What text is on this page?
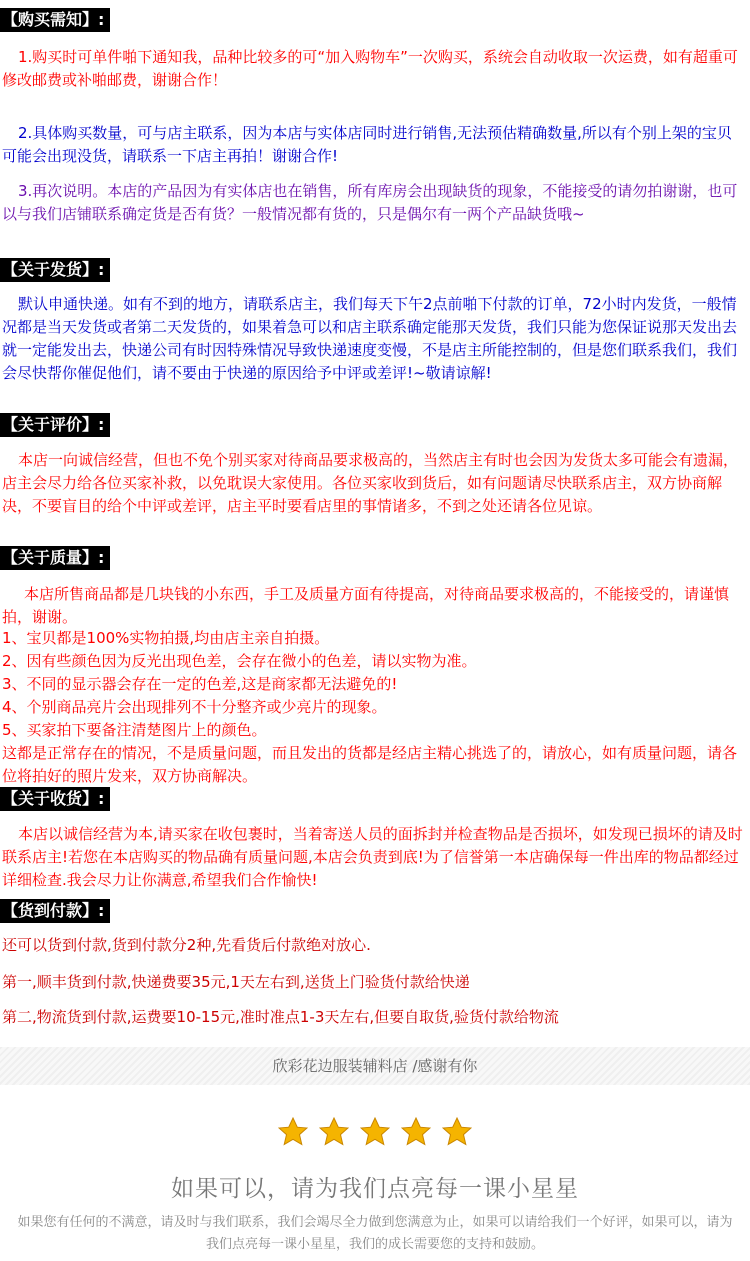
【购买需知】:

1.购买时可单件啪下通知我，品种比较多的可“加入购物车”一次购买，系统会自动收取一次运费，如有超重可修改邮费或补啪邮费，谢谢合作！

2.具体购买数量，可与店主联系，因为本店与实体店同时进行销售,无法预估精确数量,所以有个别上架的宝贝可能会出现没货，请联系一下店主再拍！谢谢合作!

3.再次说明。本店的产品因为有实体店也在销售，所有库房会出现缺货的现象，不能接受的请勿拍谢谢，也可以与我们店铺联系确定货是否有货？一般情况都有货的，只是偶尔有一两个产品缺货哦~

【关于发货】:

默认申通快递。如有不到的地方，请联系店主，我们每天下午2点前啪下付款的订单，72小时内发货，一般情况都是当天发货或者第二天发货的，如果着急可以和店主联系确定能那天发货，我们只能为您保证说那天发出去就一定能发出去，快递公司有时因特殊情况导致快递速度变慢，不是店主所能控制的，但是您们联系我们，我们会尽快帮你催促他们，请不要由于快递的原因给予中评或差评!~敬请谅解!

【关于评价】:

本店一向诚信经营，但也不免个别买家对待商品要求极高的，当然店主有时也会因为发货太多可能会有遗漏，店主会尽力给各位买家补救，以免耽误大家使用。各位买家收到货后，如有问题请尽快联系店主，双方协商解决，不要盲目的给个中评或差评，店主平时要看店里的事情诸多，不到之处还请各位见谅。

【关于质量】:

本店所售商品都是几块钱的小东西，手工及质量方面有待提高，对待商品要求极高的，不能接受的，请谨慎拍，谢谢。

1、宝贝都是100%实物拍摄,均由店主亲自拍摄。
2、因有些颜色因为反光出现色差，会存在微小的色差，请以实物为准。
3、不同的显示器会存在一定的色差,这是商家都无法避免的!
4、个别商品亮片会出现排列不十分整齐或少亮片的现象。
5、买家拍下要备注清楚图片上的颜色。

这都是正常存在的情况，不是质量问题，而且发出的货都是经店主精心挑选了的，请放心，如有质量问题，请各位将拍好的照片发来，双方协商解决。

【关于收货】:

本店以诚信经营为本,请买家在收包裹时，当着寄送人员的面拆封并检查物品是否损坏，如发现已损坏的请及时联系店主!若您在本店购买的物品确有质量问题,本店会负责到底!为了信誉第一本店确保每一件出库的物品都经过详细检查.我会尽力让你满意,希望我们合作愉快!

【货到付款】:
还可以货到付款,货到付款分2种,先看货后付款绝对放心.
第一,顺丰货到付款,快递费要35元,1天左右到,送货上门验货付款给快递
第二,物流货到付款,运费要10-15元,准时准点1-3天左右,但要自取货,验货付款给物流
欣彩花边服装辅料店 /感谢有你

如果可以，请为我们点亮每一课小星星
如果您有任何的不满意，请及时与我们联系，我们会竭尽全力做到您满意为止，如果可以请给我们一个好评，如果可以，请为我们点亮每一课小星星，我们的成长需要您的支持和鼓励。
